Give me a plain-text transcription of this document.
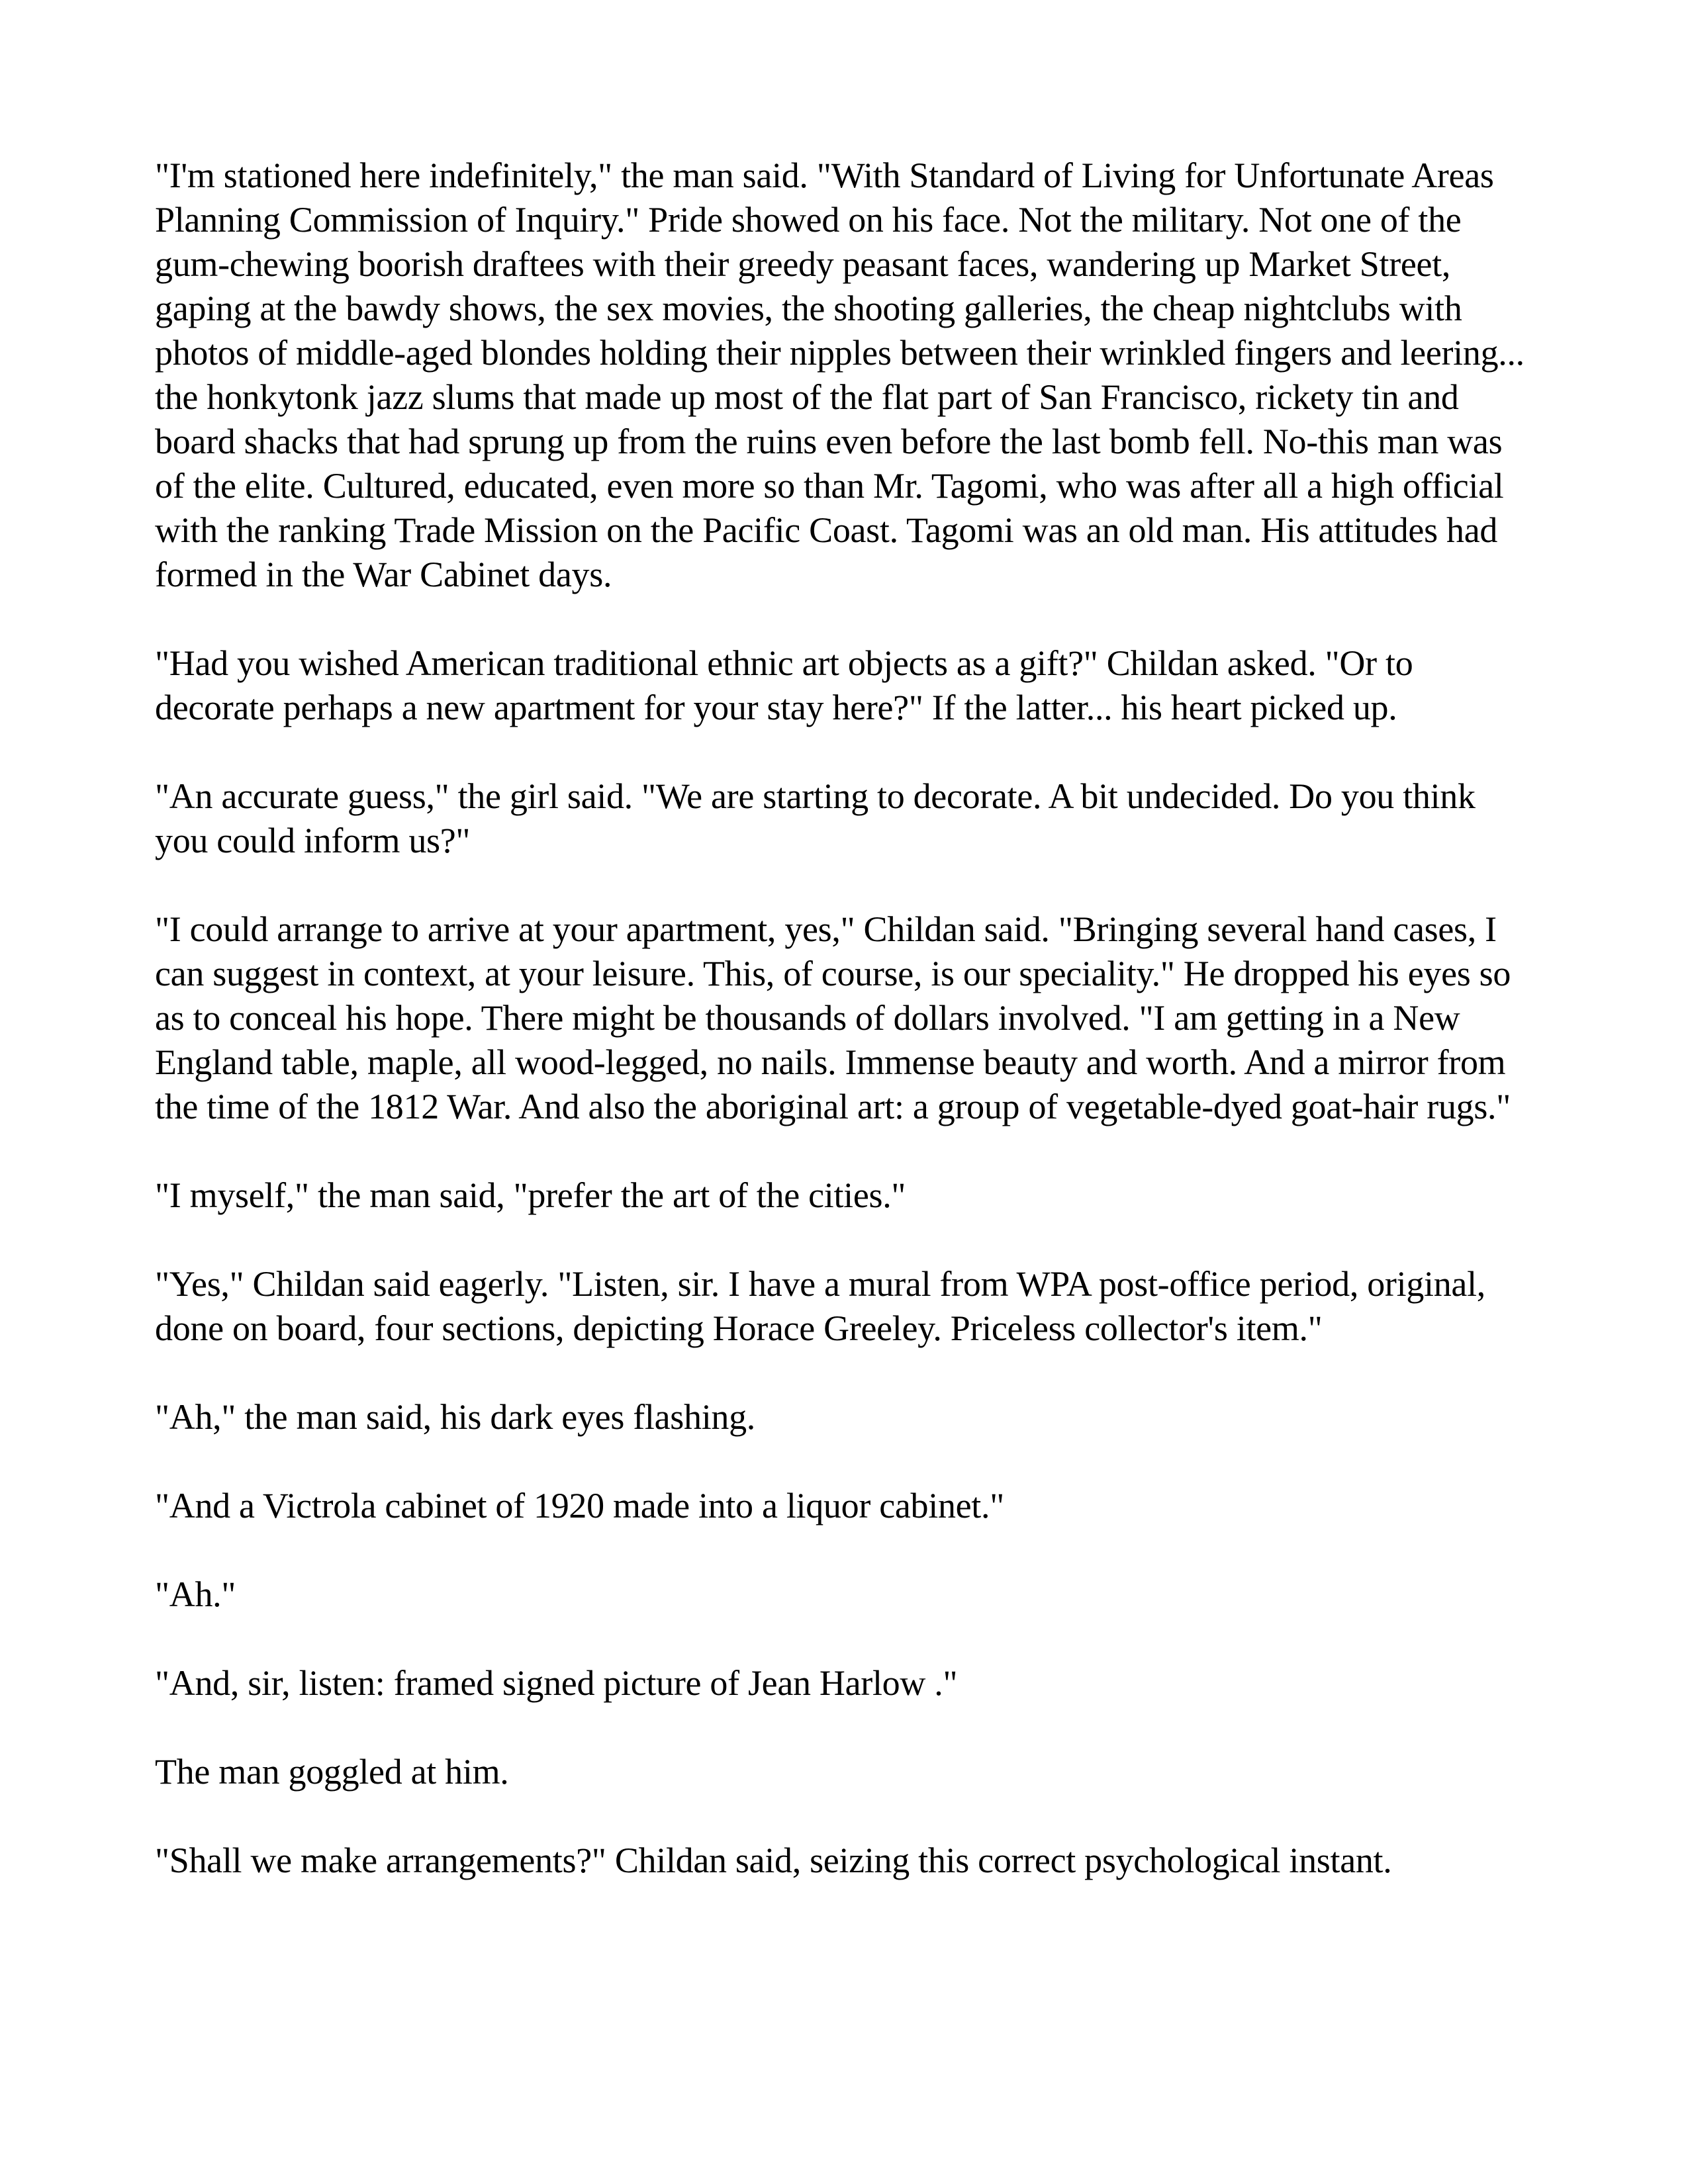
"I'm stationed here indefinitely," the man said. "With Standard of Living for Unfortunate Areas Planning Commission of Inquiry." Pride showed on his face. Not the military. Not one of the gum-chewing boorish draftees with their greedy peasant faces, wandering up Market Street, gaping at the bawdy shows, the sex movies, the shooting galleries, the cheap nightclubs with photos of middle-aged blondes holding their nipples between their wrinkled fingers and leering... the honkytonk jazz slums that made up most of the flat part of San Francisco, rickety tin and board shacks that had sprung up from the ruins even before the last bomb fell. No-this man was of the elite. Cultured, educated, even more so than Mr. Tagomi, who was after all a high official with the ranking Trade Mission on the Pacific Coast. Tagomi was an old man. His attitudes had formed in the War Cabinet days.

"Had you wished American traditional ethnic art objects as a gift?" Childan asked. "Or to decorate perhaps a new apartment for your stay here?" If the latter... his heart picked up.

"An accurate guess," the girl said. "We are starting to decorate. A bit undecided. Do you think you could inform us?"

"I could arrange to arrive at your apartment, yes," Childan said. "Bringing several hand cases, I can suggest in context, at your leisure. This, of course, is our speciality." He dropped his eyes so as to conceal his hope. There might be thousands of dollars involved. "I am getting in a New England table, maple, all wood-legged, no nails. Immense beauty and worth. And a mirror from the time of the 1812 War. And also the aboriginal art: a group of vegetable-dyed goat-hair rugs."

"I myself," the man said, "prefer the art of the cities."

"Yes," Childan said eagerly. "Listen, sir. I have a mural from WPA post-office period, original, done on board, four sections, depicting Horace Greeley. Priceless collector's item."

"Ah," the man said, his dark eyes flashing.

"And a Victrola cabinet of 1920 made into a liquor cabinet."

"Ah."

"And, sir, listen: framed signed picture of Jean Harlow ."

The man goggled at him.

"Shall we make arrangements?" Childan said, seizing this correct psychological instant.
